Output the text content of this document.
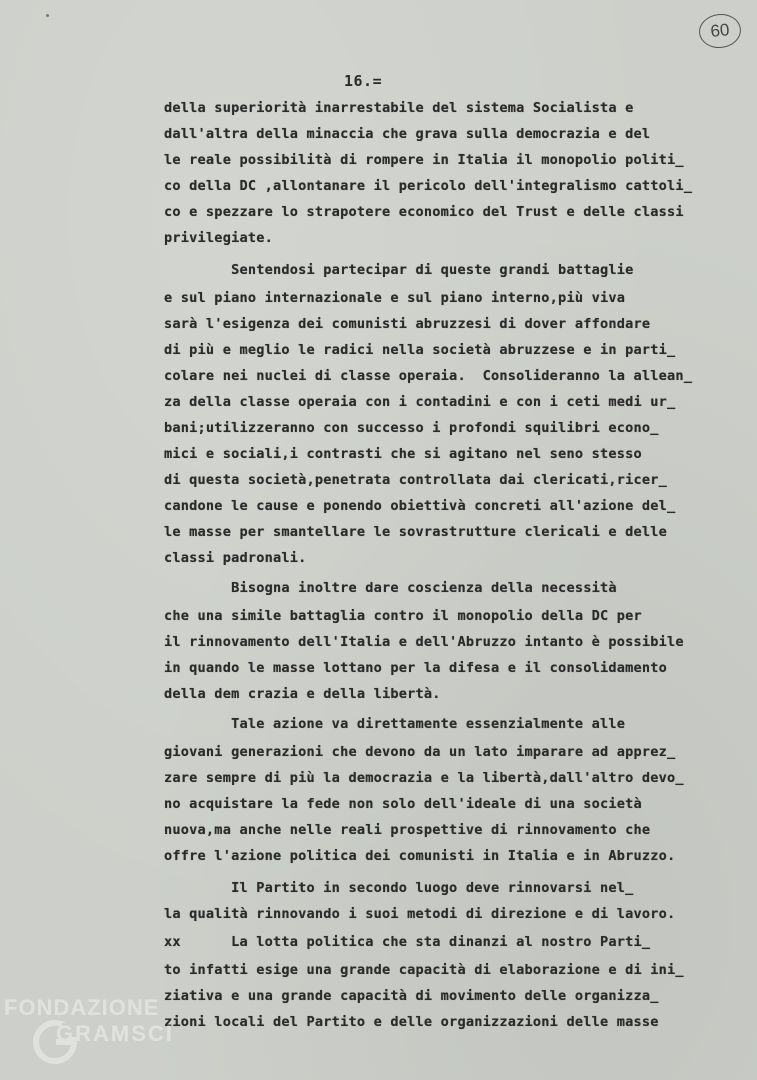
60
16.=
della superiorità inarrestabile del sistema Socialista e
dall'altra della minaccia che grava sulla democrazia e del
le reale possibilità di rompere in Italia il monopolio politi_
co della DC ,allontanare il pericolo dell'integralismo cattoli_
co e spezzare lo strapotere economico del Trust e delle classi
privilegiate.
Sentendosi partecipar di queste grandi battaglie
e sul piano internazionale e sul piano interno,più viva
sarà l'esigenza dei comunisti abruzzesi di dover affondare
di più e meglio le radici nella società abruzzese e in parti_
colare nei nuclei di classe operaia.  Consolideranno la allean_
za della classe operaia con i contadini e con i ceti medi ur_
bani;utilizzeranno con successo i profondi squilibri econo_
mici e sociali,i contrasti che si agitano nel seno stesso
di questa società,penetrata controllata dai clericati,ricer_
candone le cause e ponendo obiettivà concreti all'azione del_
le masse per smantellare le sovrastrutture clericali e delle
classi padronali.
Bisogna inoltre dare coscienza della necessità
che una simile battaglia contro il monopolio della DC per
il rinnovamento dell'Italia e dell'Abruzzo intanto è possibile
in quando le masse lottano per la difesa e il consolidamento
della dem crazia e della libertà.
Tale azione va direttamente essenzialmente alle
giovani generazioni che devono da un lato imparare ad apprez_
zare sempre di più la democrazia e la libertà,dall'altro devo_
no acquistare la fede non solo dell'ideale di una società
nuova,ma anche nelle reali prospettive di rinnovamento che
offre l'azione politica dei comunisti in Italia e in Abruzzo.
Il Partito in secondo luogo deve rinnovarsi nel_
la qualità rinnovando i suoi metodi di direzione e di lavoro.
xx      La lotta politica che sta dinanzi al nostro Parti_
to infatti esige una grande capacità di elaborazione e di ini_
ziativa e una grande capacità di movimento delle organizza_
zioni locali del Partito e delle organizzazioni delle masse
FONDAZIONE
GRAMSCI
